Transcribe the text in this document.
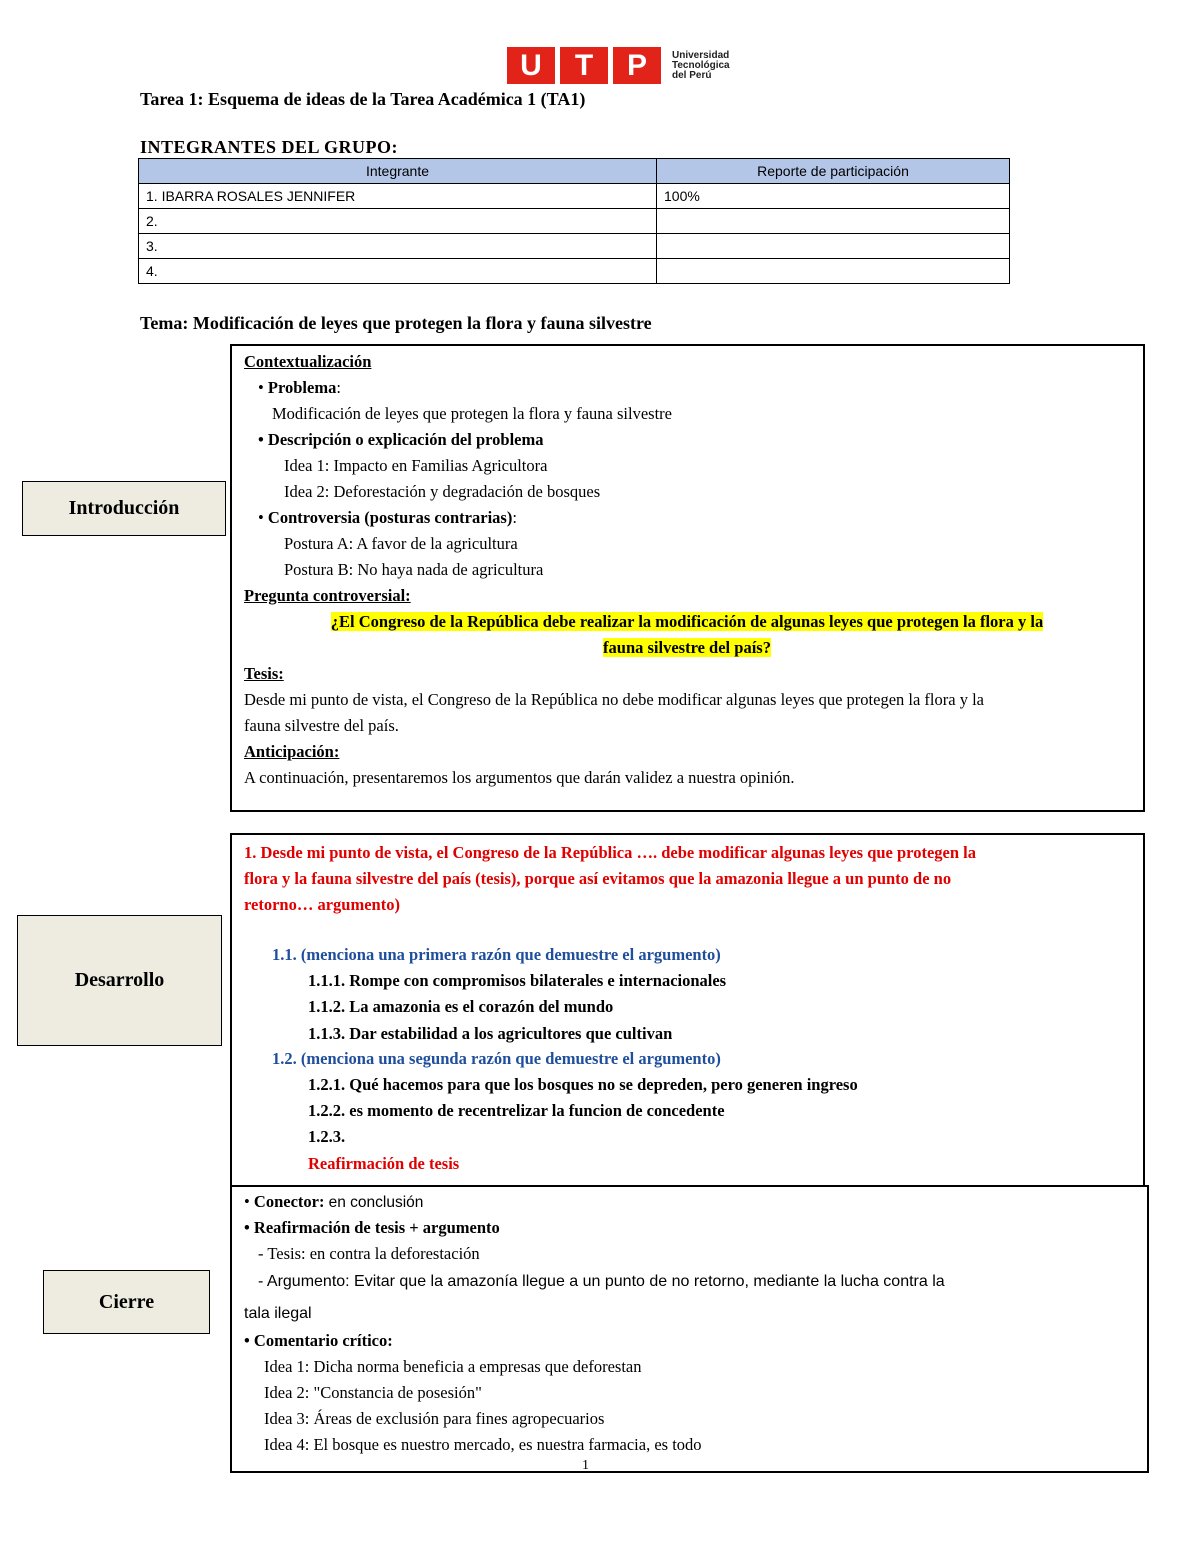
U	T	P	Universidad
Tecnológica
del Perú
Tarea 1: Esquema de ideas de la Tarea Académica 1 (TA1)
INTEGRANTES DEL GRUPO:
Integrante	Reporte de participación
1. IBARRA ROSALES JENNIFER	100%
2.	
3.	
4.	
Tema: Modificación de leyes que protegen la flora y fauna silvestre
Introducción
Desarrollo
Cierre
Contextualización
• Problema:
Modificación de leyes que protegen la flora y fauna silvestre
• Descripción o explicación del problema
Idea 1: Impacto en Familias Agricultora
Idea 2: Deforestación y degradación de bosques
• Controversia (posturas contrarias):
Postura A: A favor de la agricultura
Postura B: No haya nada de agricultura
Pregunta controversial:
¿El Congreso de la República debe realizar la modificación de algunas leyes que protegen la flora y la
fauna silvestre del país?
Tesis:
Desde mi punto de vista, el Congreso de la República no debe modificar algunas leyes que protegen la flora y la
fauna silvestre del país.
Anticipación:
A continuación, presentaremos los argumentos que darán validez a nuestra opinión.
1. Desde mi punto de vista, el Congreso de la República …. debe modificar algunas leyes que protegen la
flora y la fauna silvestre del país (tesis), porque así evitamos que la amazonia llegue a un punto de no
retorno… argumento)
1.1. (menciona una primera razón que demuestre el argumento)
1.1.1. Rompe con compromisos bilaterales e internacionales
1.1.2. La amazonia es el corazón del mundo
1.1.3. Dar estabilidad a los agricultores que cultivan
1.2. (menciona una segunda razón que demuestre el argumento)
1.2.1. Qué hacemos para que los bosques no se depreden, pero generen ingreso
1.2.2. es momento de recentrelizar la funcion de concedente
1.2.3.
Reafirmación de tesis
• Conector: en conclusión
• Reafirmación de tesis + argumento
- Tesis: en contra la deforestación
- Argumento: Evitar que la amazonía llegue a un punto de no retorno, mediante la lucha contra la
tala ilegal
• Comentario crítico:
Idea 1: Dicha norma beneficia a empresas que deforestan
Idea 2: "Constancia de posesión"
Idea 3: Áreas de exclusión para fines agropecuarios
Idea 4: El bosque es nuestro mercado, es nuestra farmacia, es todo
1
